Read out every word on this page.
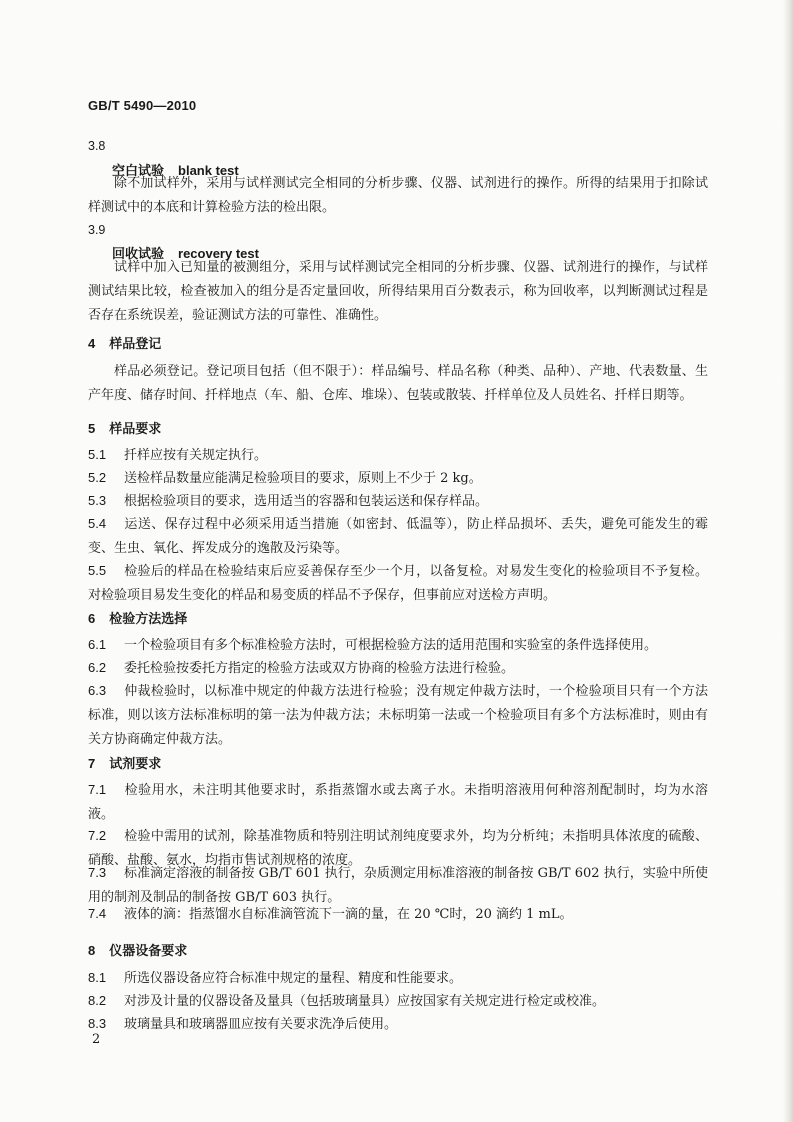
GB/T 5490—2010
3.8
空白试验 blank test
除不加试样外，采用与试样测试完全相同的分析步骤、仪器、试剂进行的操作。所得的结果用于扣除试样测试中的本底和计算检验方法的检出限。
3.9
回收试验 recovery test
试样中加入已知量的被测组分，采用与试样测试完全相同的分析步骤、仪器、试剂进行的操作，与试样测试结果比较，检查被加入的组分是否定量回收，所得结果用百分数表示，称为回收率，以判断测试过程是否存在系统误差，验证测试方法的可靠性、准确性。
4 样品登记
样品必须登记。登记项目包括（但不限于）：样品编号、样品名称（种类、品种）、产地、代表数量、生产年度、储存时间、扦样地点（车、船、仓库、堆垛）、包装或散装、扦样单位及人员姓名、扦样日期等。
5 样品要求
5.1 扦样应按有关规定执行。
5.2 送检样品数量应能满足检验项目的要求，原则上不少于 2 kg。
5.3 根据检验项目的要求，选用适当的容器和包装运送和保存样品。
5.4 运送、保存过程中必须采用适当措施（如密封、低温等），防止样品损坏、丢失，避免可能发生的霉变、生虫、氧化、挥发成分的逸散及污染等。
5.5 检验后的样品在检验结束后应妥善保存至少一个月，以备复检。对易发生变化的检验项目不予复检。对检验项目易发生变化的样品和易变质的样品不予保存，但事前应对送检方声明。
6 检验方法选择
6.1 一个检验项目有多个标准检验方法时，可根据检验方法的适用范围和实验室的条件选择使用。
6.2 委托检验按委托方指定的检验方法或双方协商的检验方法进行检验。
6.3 仲裁检验时，以标准中规定的仲裁方法进行检验；没有规定仲裁方法时，一个检验项目只有一个方法标准，则以该方法标准标明的第一法为仲裁方法；未标明第一法或一个检验项目有多个方法标准时，则由有关方协商确定仲裁方法。
7 试剂要求
7.1 检验用水，未注明其他要求时，系指蒸馏水或去离子水。未指明溶液用何种溶剂配制时，均为水溶液。
7.2 检验中需用的试剂，除基准物质和特别注明试剂纯度要求外，均为分析纯；未指明具体浓度的硫酸、硝酸、盐酸、氨水，均指市售试剂规格的浓度。
7.3 标准滴定溶液的制备按 GB/T 601 执行，杂质测定用标准溶液的制备按 GB/T 602 执行，实验中所使用的制剂及制品的制备按 GB/T 603 执行。
7.4 液体的滴：指蒸馏水自标准滴管流下一滴的量，在 20 ℃时，20 滴约 1 mL。
8 仪器设备要求
8.1 所选仪器设备应符合标准中规定的量程、精度和性能要求。
8.2 对涉及计量的仪器设备及量具（包括玻璃量具）应按国家有关规定进行检定或校准。
8.3 玻璃量具和玻璃器皿应按有关要求洗净后使用。
2
